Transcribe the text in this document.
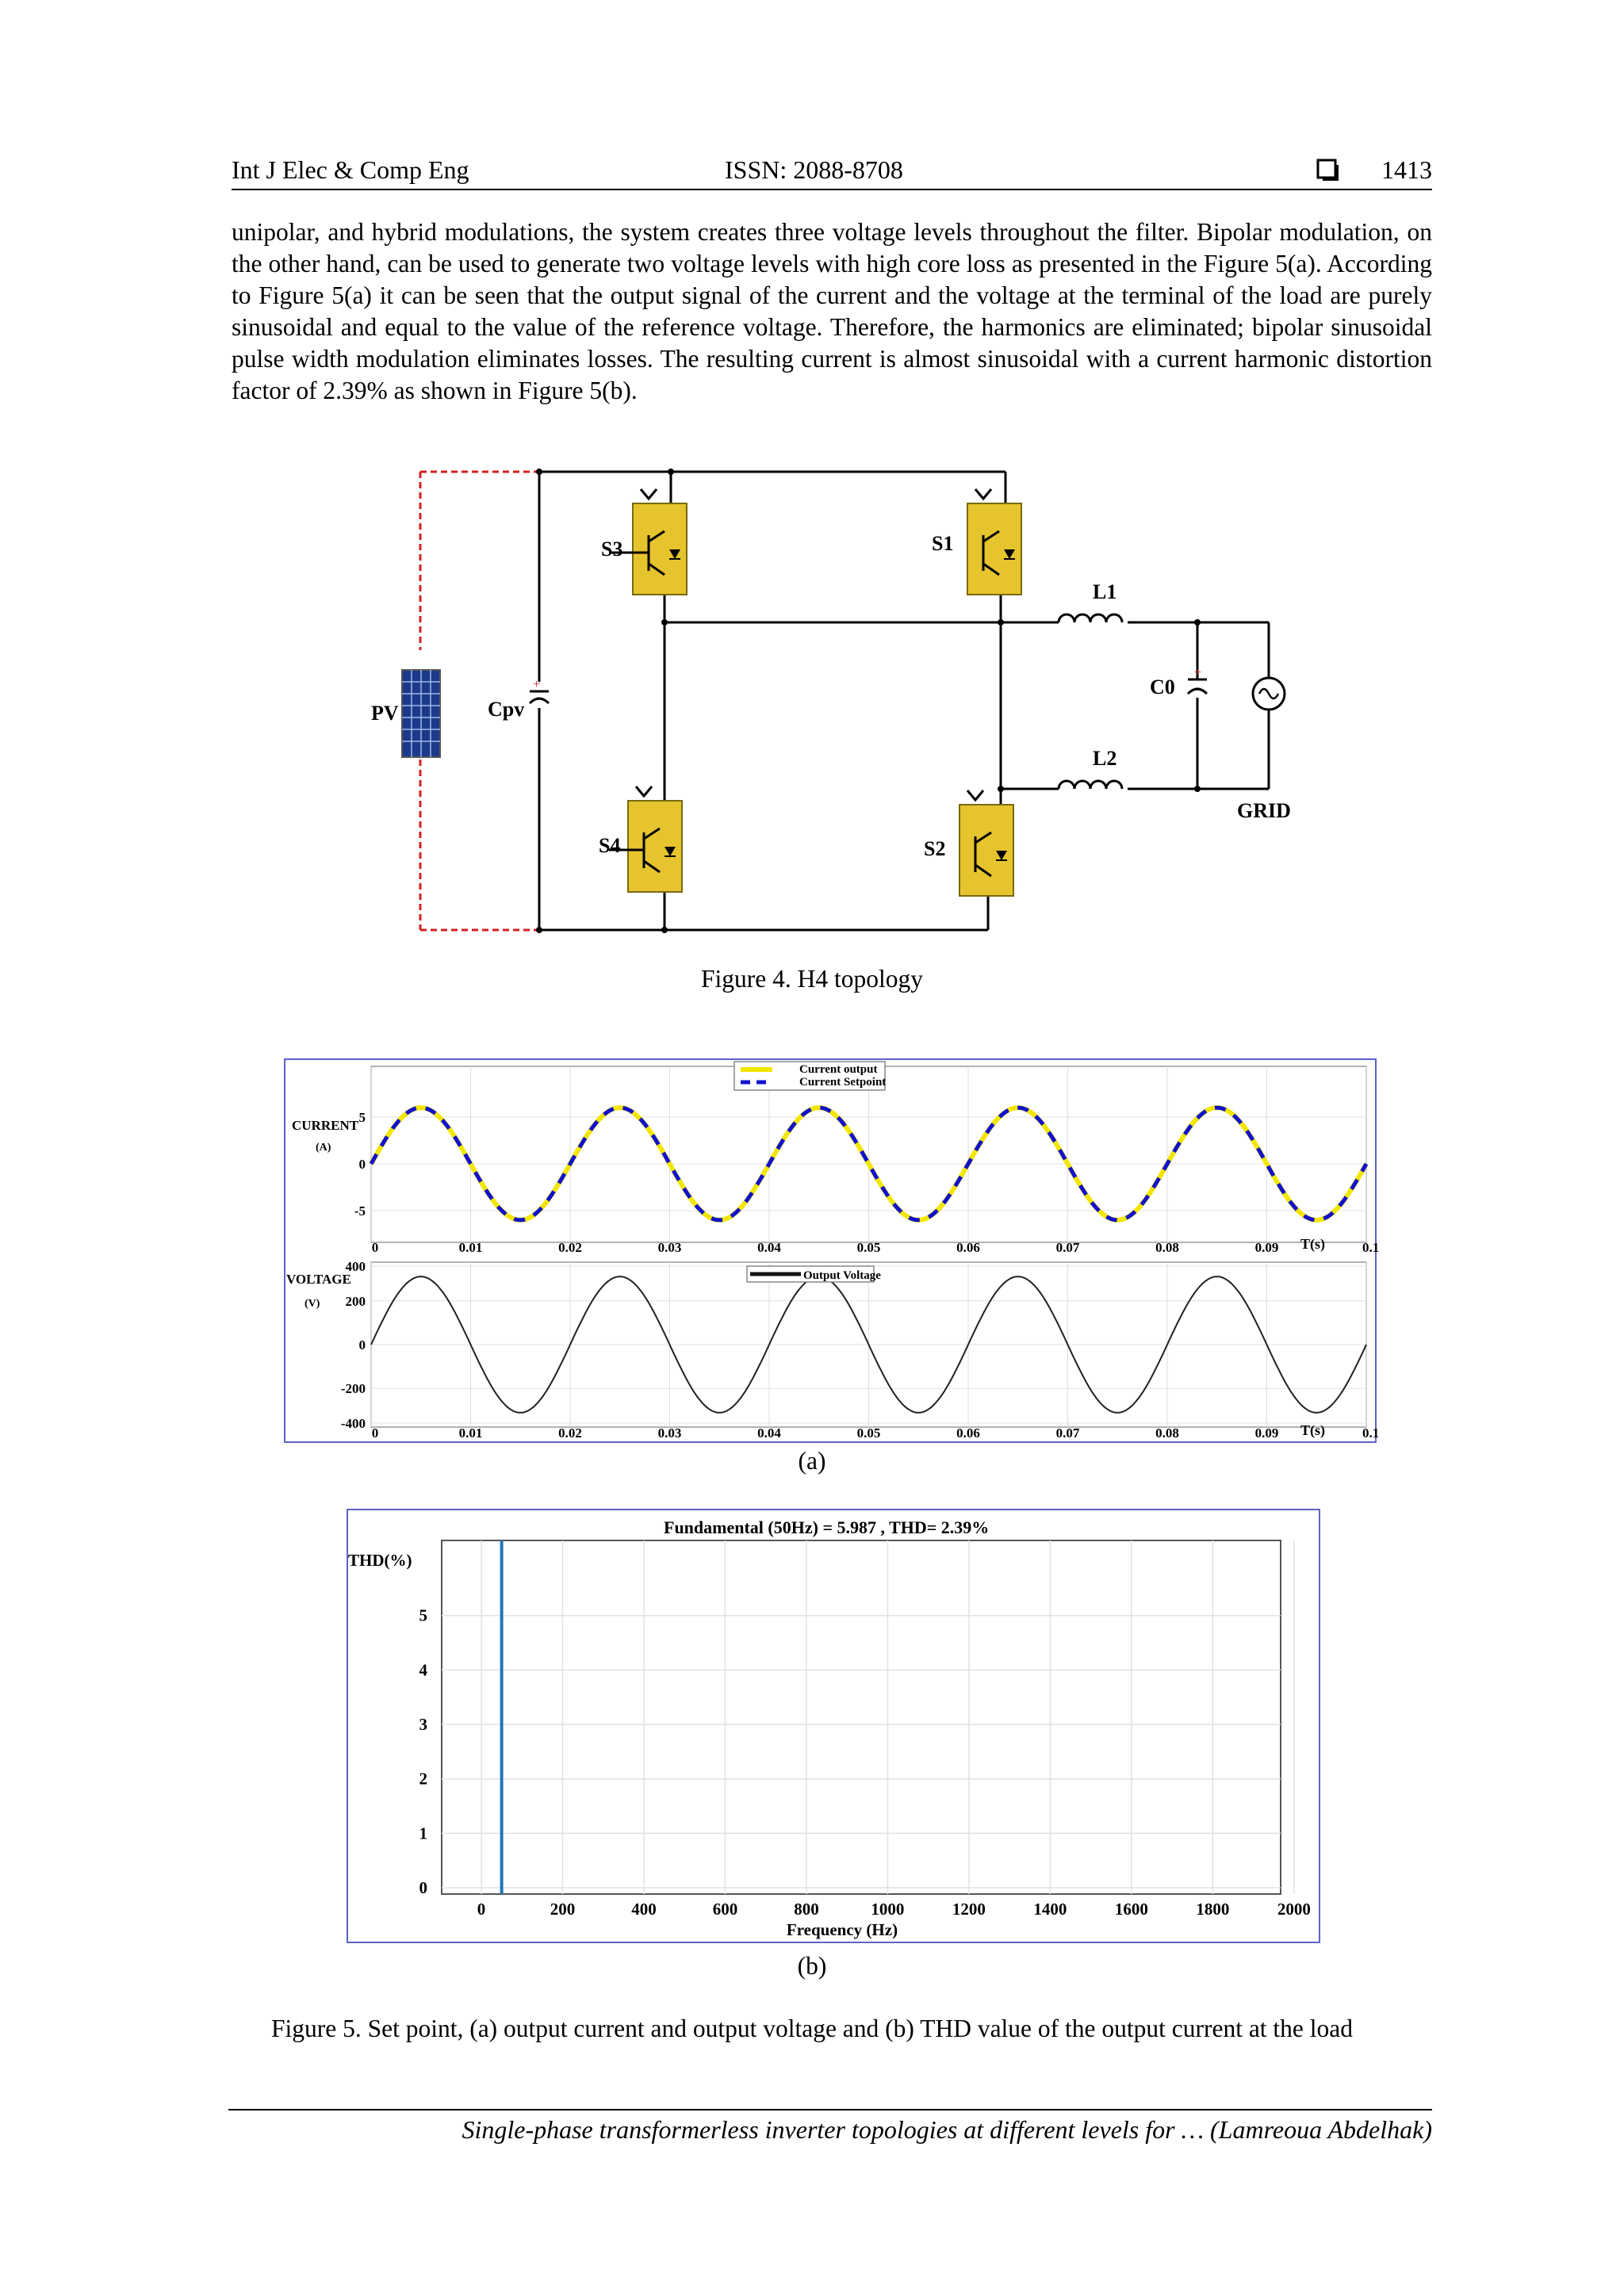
Int J Elec & Comp Eng	ISSN: 2088-8708	1413
unipolar, and hybrid modulations, the system creates three voltage levels throughout the filter. Bipolar modulation, on the other hand, can be used to generate two voltage levels with high core loss as presented in the Figure 5(a). According to Figure 5(a) it can be seen that the output signal of the current and the voltage at the terminal of the load are purely sinusoidal and equal to the value of the reference voltage. Therefore, the harmonics are eliminated; bipolar sinusoidal pulse width modulation eliminates losses. The resulting current is almost sinusoidal with a current harmonic distortion factor of 2.39% as shown in Figure 5(b).
PV
+
Cpv
S3	S1
S4	S2
L1
L2
+
C0
GRID
Figure 4. H4 topology
Current output
Current Setpoint
Output Voltage
CURRENT
(A)
VOLTAGE
(V)
T(s)
T(s)
0
0
0.01
0.01
0.02
0.02
0.03
0.03
0.04
0.04
0.05
0.05
0.06
0.06
0.07
0.07
0.08
0.08
0.09
0.09
0.1
0.1
5
0
-5
400
200
0
-200
-400
(a)
0	200	400	600	800	1000	1200	1400	1600	1800	2000
5
4
3
2
1
0
Fundamental (50Hz) = 5.987 , THD= 2.39%
THD(%)
Frequency (Hz)
(b)
Figure 5. Set point, (a) output current and output voltage and (b) THD value of the output current at the load
Single-phase transformerless inverter topologies at different levels for … (Lamreoua Abdelhak)
